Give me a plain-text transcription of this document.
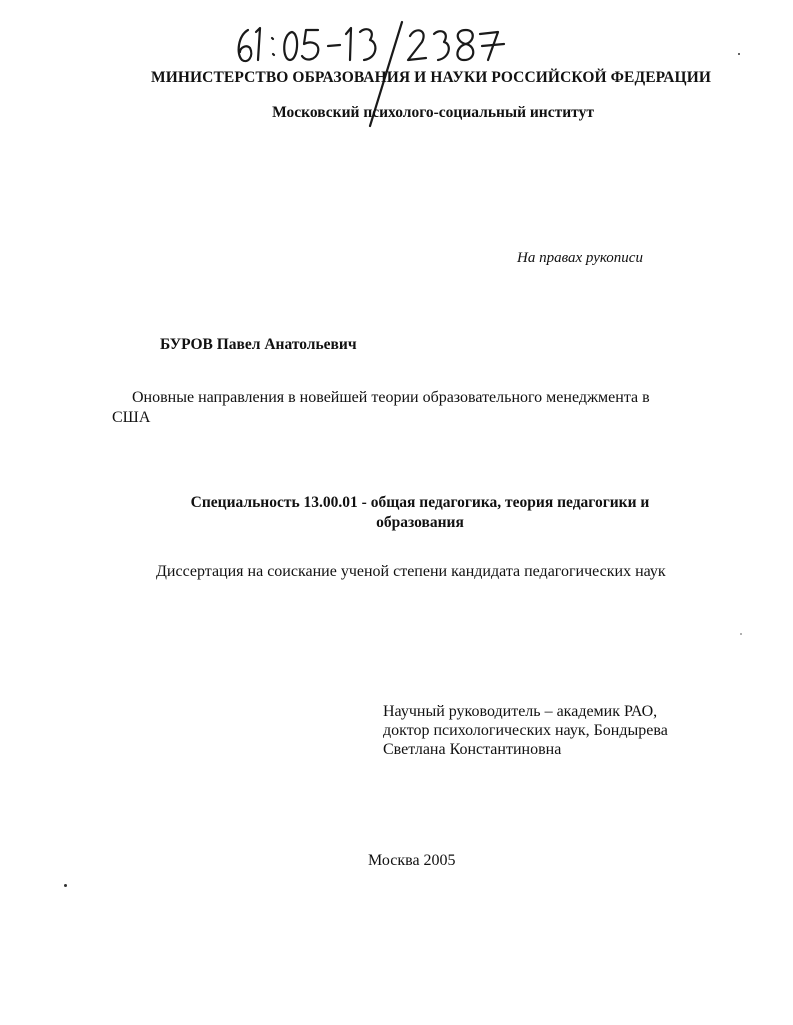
МИНИСТЕРСТВО ОБРАЗОВАНИЯ И НАУКИ РОССИЙСКОЙ ФЕДЕРАЦИИ
Московский психолого-социальный институт
На правах рукописи
БУРОВ Павел Анатольевич
Оновные направления в новейшей теории образовательного менеджмента в США
Специальность 13.00.01 - общая педагогика, теория педагогики и образования
Диссертация на соискание ученой степени кандидата педагогических наук
Научный руководитель – академик РАО,
доктор психологических наук, Бондырева
Светлана Константиновна
Москва 2005
